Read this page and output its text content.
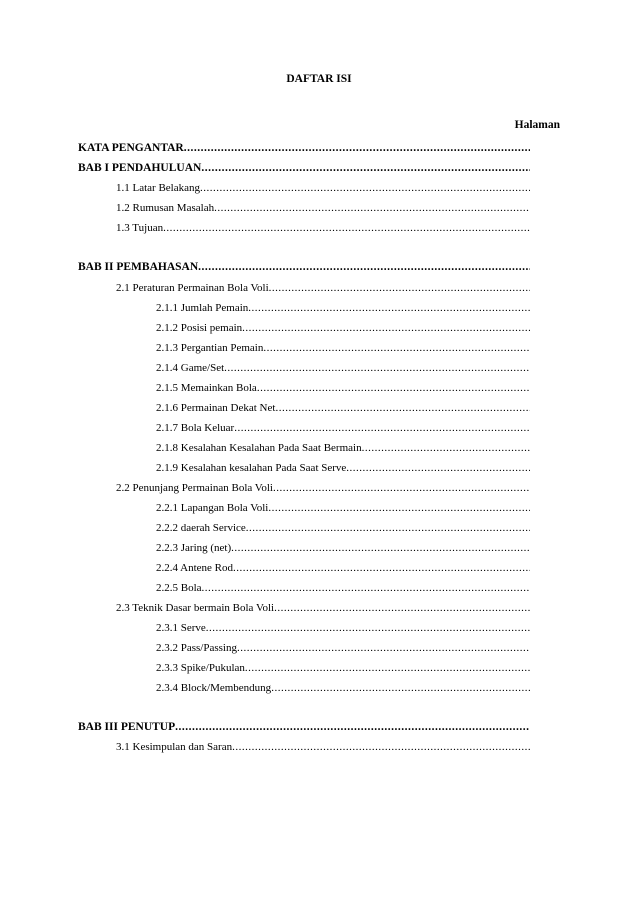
DAFTAR ISI
Halaman
KATA PENGANTAR
.....
BAB I PENDAHULUAN
.....
1.1 Latar Belakang
.....
1.2 Rumusan Masalah
.....
1.3 Tujuan
.....
BAB II PEMBAHASAN
.....
2.1 Peraturan Permainan Bola Voli
.....
2.1.1 Jumlah Pemain
.....
2.1.2 Posisi pemain
.....
2.1.3 Pergantian Pemain
.....
2.1.4 Game/Set
.....
2.1.5 Memainkan Bola
.....
2.1.6 Permainan Dekat Net
.....
2.1.7 Bola Keluar
.....
2.1.8 Kesalahan Kesalahan Pada Saat Bermain
.....
2.1.9 Kesalahan kesalahan Pada Saat Serve
.....
2.2 Penunjang Permainan Bola Voli
.....
2.2.1 Lapangan Bola Voli
.....
2.2.2 daerah Service
.....
2.2.3 Jaring (net)
.....
2.2.4 Antene Rod
.....
2.2.5 Bola
.....
2.3 Teknik Dasar bermain Bola Voli
.....
2.3.1 Serve
.....
2.3.2 Pass/Passing
.....
2.3.3 Spike/Pukulan
.....
2.3.4 Block/Membendung
.....
BAB III PENUTUP
.....
3.1 Kesimpulan dan Saran
.....
